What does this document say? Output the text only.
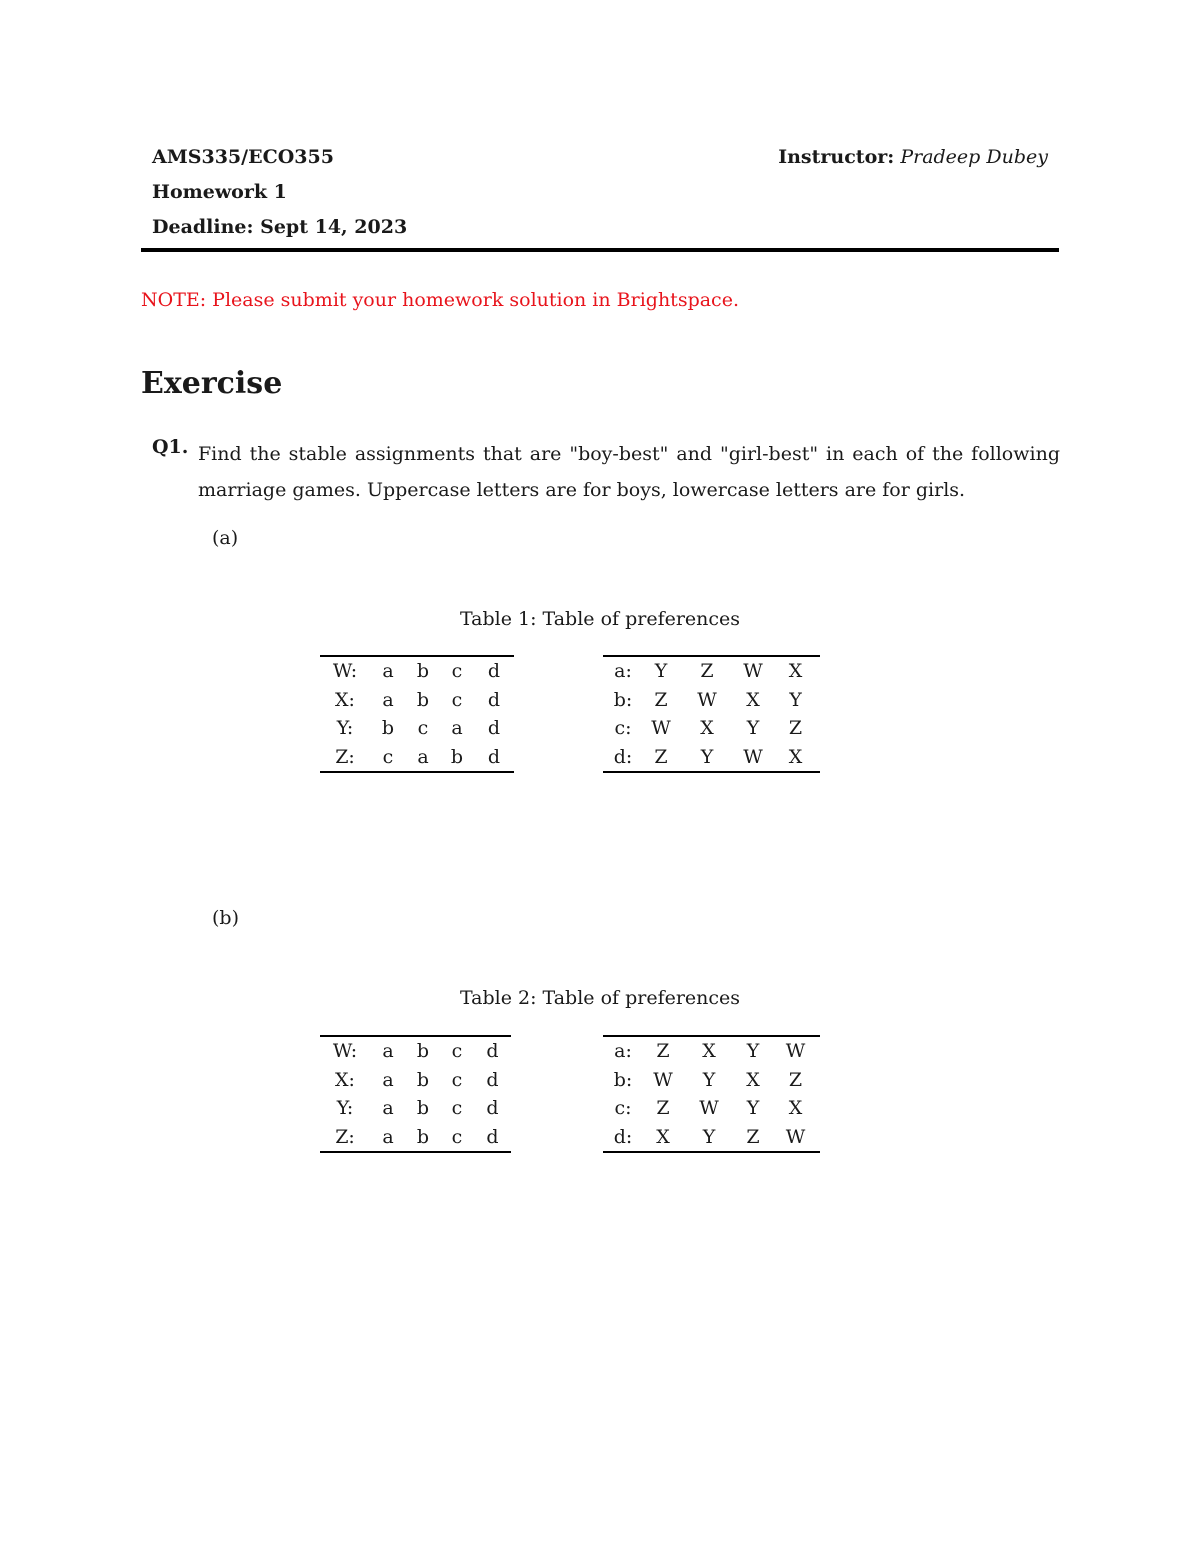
AMS335/ECO355
Homework 1
Deadline: Sept 14, 2023
Instructor: Pradeep Dubey
NOTE: Please submit your homework solution in Brightspace.
Exercise
Q1. Find the stable assignments that are "boy-best" and "girl-best" in each of the following marriage games. Uppercase letters are for boys, lowercase letters are for girls.
(a)
Table 1: Table of preferences
W:	a	b	c	d
X:	a	b	c	d
Y:	b	c	a	d
Z:	c	a	b	d
a:	Y	Z	W	X
b:	Z	W	X	Y
c:	W	X	Y	Z
d:	Z	Y	W	X
(b)
Table 2: Table of preferences
W:	a	b	c	d
X:	a	b	c	d
Y:	a	b	c	d
Z:	a	b	c	d
a:	Z	X	Y	W
b:	W	Y	X	Z
c:	Z	W	Y	X
d:	X	Y	Z	W
